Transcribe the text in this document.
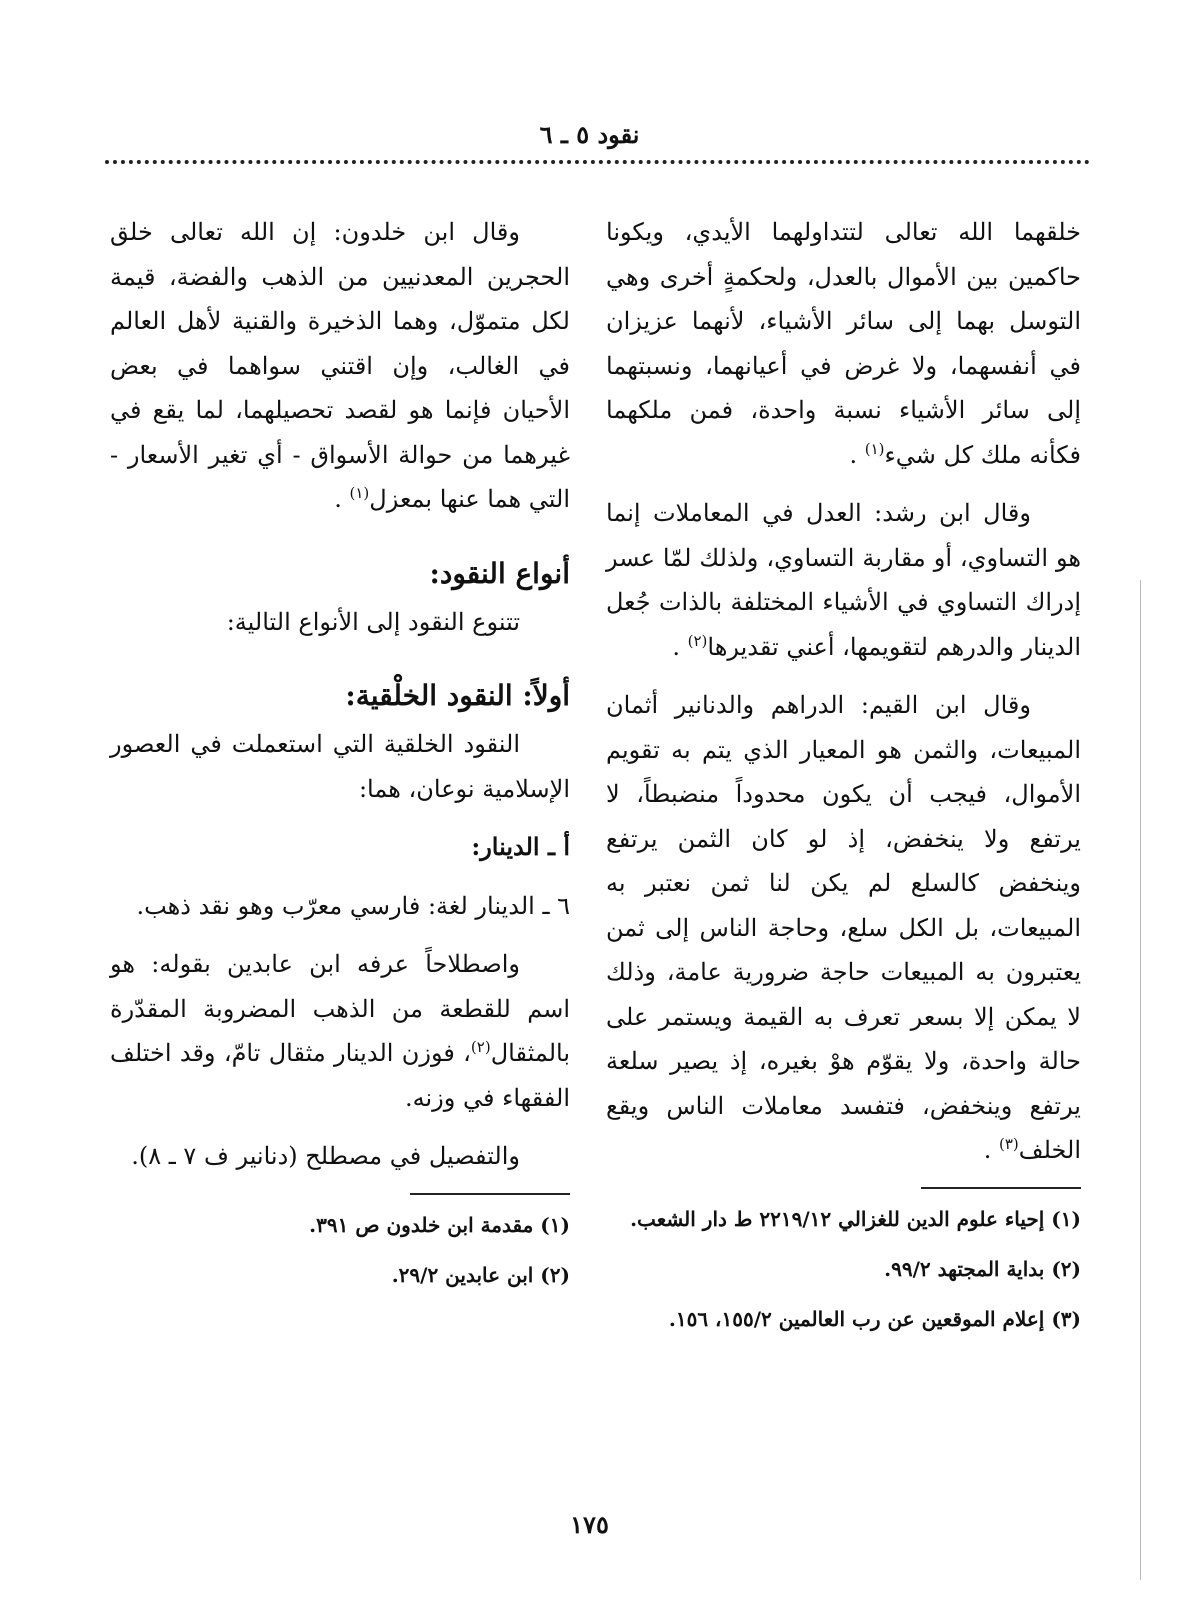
نقود ٥ ـ ٦

خلقهما الله تعالى لتتداولهما الأيدي، ويكونا حاكمين بين الأموال بالعدل، ولحكمةٍ أخرى وهي التوسل بهما إلى سائر الأشياء، لأنهما عزيزان في أنفسهما، ولا غرض في أعيانهما، ونسبتهما إلى سائر الأشياء نسبة واحدة، فمن ملكهما فكأنه ملك كل شيء$^{(١)}$ .

وقال ابن رشد: العدل في المعاملات إنما هو التساوي، أو مقاربة التساوي، ولذلك لمّا عسر إدراك التساوي في الأشياء المختلفة بالذات جُعل الدينار والدرهم لتقويمها، أعني تقديرها$^{(٢)}$ .

وقال ابن القيم: الدراهم والدنانير أثمان المبيعات، والثمن هو المعيار الذي يتم به تقويم الأموال، فيجب أن يكون محدوداً منضبطاً، لا يرتفع ولا ينخفض، إذ لو كان الثمن يرتفع وينخفض كالسلع لم يكن لنا ثمن نعتبر به المبيعات، بل الكل سلع، وحاجة الناس إلى ثمن يعتبرون به المبيعات حاجة ضرورية عامة، وذلك لا يمكن إلا بسعر تعرف به القيمة ويستمر على حالة واحدة، ولا يقوّم هوْ بغيره، إذ يصير سلعة يرتفع وينخفض، فتفسد معاملات الناس ويقع الخلف$^{(٣)}$ .

(١) إحياء علوم الدين للغزالي ٢٢١٩/١٢ ط دار الشعب.

(٢) بداية المجتهد ٩٩/٢.

(٣) إعلام الموقعين عن رب العالمين ١٥٥/٢، ١٥٦.

وقال ابن خلدون: إن الله تعالى خلق الحجرين المعدنيين من الذهب والفضة، قيمة لكل متموّل، وهما الذخيرة والقنية لأهل العالم في الغالب، وإن اقتني سواهما في بعض الأحيان فإنما هو لقصد تحصيلهما، لما يقع في غيرهما من حوالة الأسواق - أي تغير الأسعار - التي هما عنها بمعزل$^{(١)}$ .

أنواع النقود:

تتنوع النقود إلى الأنواع التالية:

أولاً: النقود الخلْقية:

النقود الخلقية التي استعملت في العصور الإسلامية نوعان، هما:

أ ـ الدينار:

٦ ـ الدينار لغة: فارسي معرّب وهو نقد ذهب.

واصطلاحاً عرفه ابن عابدين بقوله: هو اسم للقطعة من الذهب المضروبة المقدّرة بالمثقال$^{(٢)}$، فوزن الدينار مثقال تامّ، وقد اختلف الفقهاء في وزنه.

والتفصيل في مصطلح (دنانير ف ٧ ـ ٨).

(١) مقدمة ابن خلدون ص ٣٩١.

(٢) ابن عابدين ٢٩/٢.

١٧٥
